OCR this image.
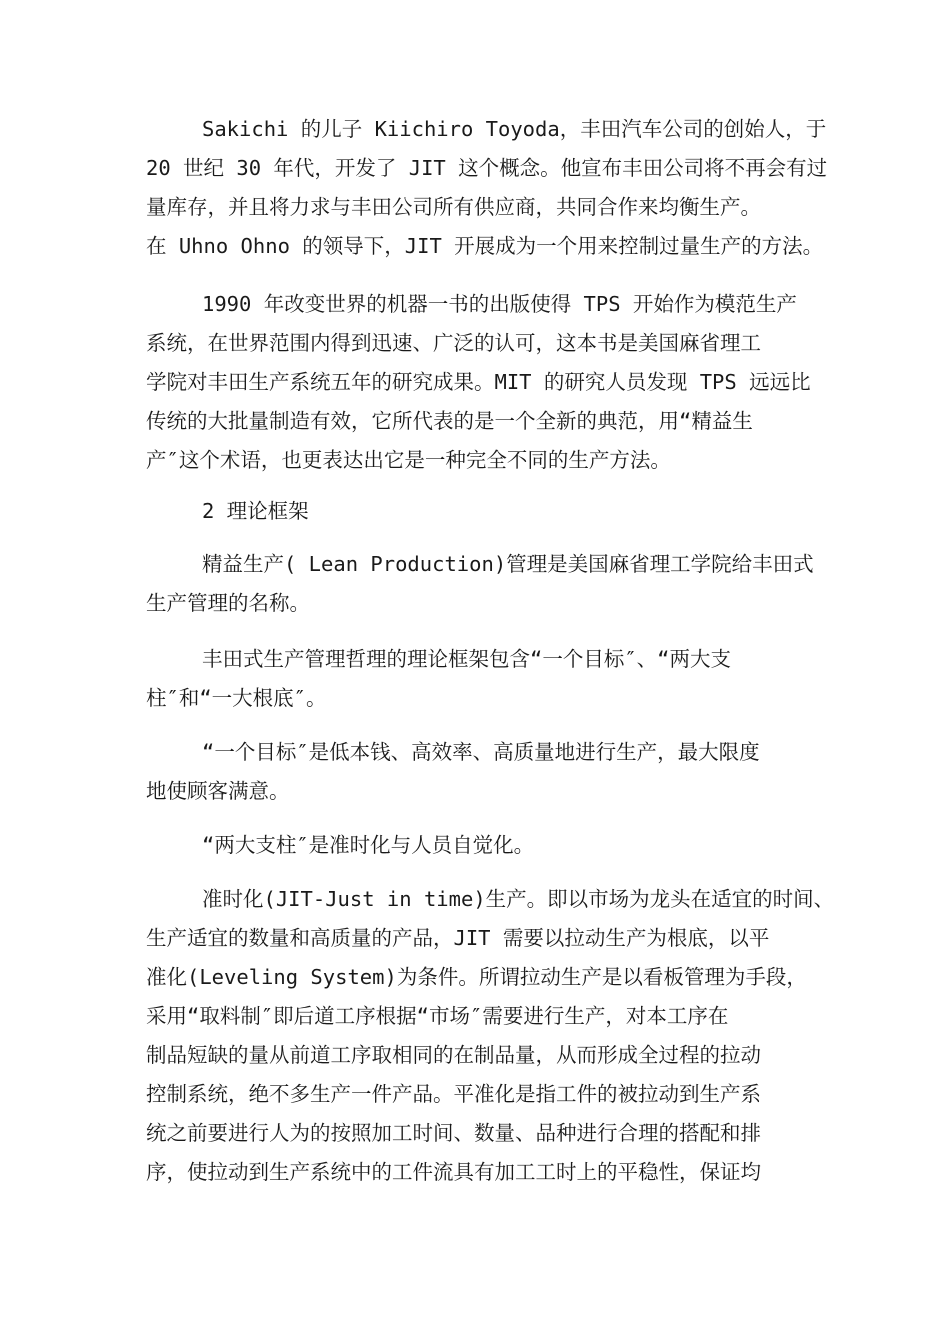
Sakichi 的儿子 Kiichiro Toyoda，丰田汽车公司的创始人，于
20 世纪 30 年代，开发了 JIT 这个概念。他宣布丰田公司将不再会有过
量库存，并且将力求与丰田公司所有供应商，共同合作来均衡生产。
在 Uhno Ohno 的领导下，JIT 开展成为一个用来控制过量生产的方法。
1990 年改变世界的机器一书的出版使得 TPS 开始作为模范生产
系统，在世界范围内得到迅速、广泛的认可，这本书是美国麻省理工
学院对丰田生产系统五年的研究成果。MIT 的研究人员发现 TPS 远远比
传统的大批量制造有效，它所代表的是一个全新的典范，用“精益生
产″这个术语，也更表达出它是一种完全不同的生产方法。
2 理论框架
精益生产( Lean Production)管理是美国麻省理工学院给丰田式
生产管理的名称。
丰田式生产管理哲理的理论框架包含“一个目标″、“两大支
柱″和“一大根底″。
“一个目标″是低本钱、高效率、高质量地进行生产，最大限度
地使顾客满意。
“两大支柱″是准时化与人员自觉化。
准时化(JIT-Just in time)生产。即以市场为龙头在适宜的时间、
生产适宜的数量和高质量的产品，JIT 需要以拉动生产为根底，以平
准化(Leveling System)为条件。所谓拉动生产是以看板管理为手段，
采用“取料制″即后道工序根据“市场″需要进行生产，对本工序在
制品短缺的量从前道工序取相同的在制品量，从而形成全过程的拉动
控制系统，绝不多生产一件产品。平准化是指工件的被拉动到生产系
统之前要进行人为的按照加工时间、数量、品种进行合理的搭配和排
序，使拉动到生产系统中的工件流具有加工工时上的平稳性，保证均
